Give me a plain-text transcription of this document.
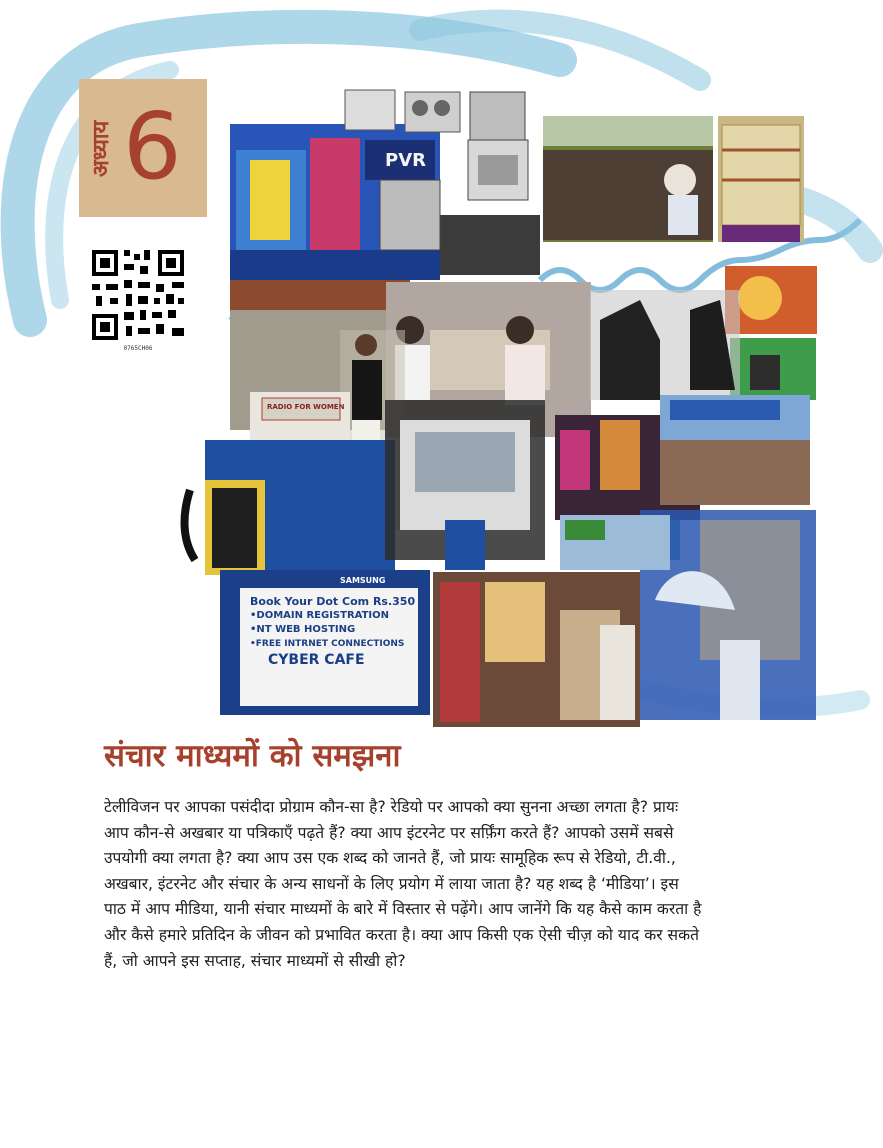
PVR
RADIO FOR WOMEN
SAMSUNG
Book Your Dot Com Rs.350
•DOMAIN REGISTRATION
•NT WEB HOSTING
•FREE INTRNET CONNECTIONS
CYBER CAFE
अध्याय 6
0765CH06
संचार माध्यमों को समझना

टेलीविजन पर आपका पसंदीदा प्रोग्राम कौन-सा है? रेडियो पर आपको क्या सुनना अच्छा लगता है? प्रायः आप कौन-से अखबार या पत्रिकाएँ पढ़ते हैं? क्या आप इंटरनेट पर सर्फ़िंग करते हैं? आपको उसमें सबसे उपयोगी क्या लगता है? क्या आप उस एक शब्द को जानते हैं, जो प्रायः सामूहिक रूप से रेडियो, टी.वी., अखबार, इंटरनेट और संचार के अन्य साधनों के लिए प्रयोग में लाया जाता है? यह शब्द है ‘मीडिया’। इस पाठ में आप मीडिया, यानी संचार माध्यमों के बारे में विस्तार से पढ़ेंगे। आप जानेंगे कि यह कैसे काम करता है और कैसे हमारे प्रतिदिन के जीवन को प्रभावित करता है। क्या आप किसी एक ऐसी चीज़ को याद कर सकते हैं, जो आपने इस सप्ताह, संचार माध्यमों से सीखी हो?
